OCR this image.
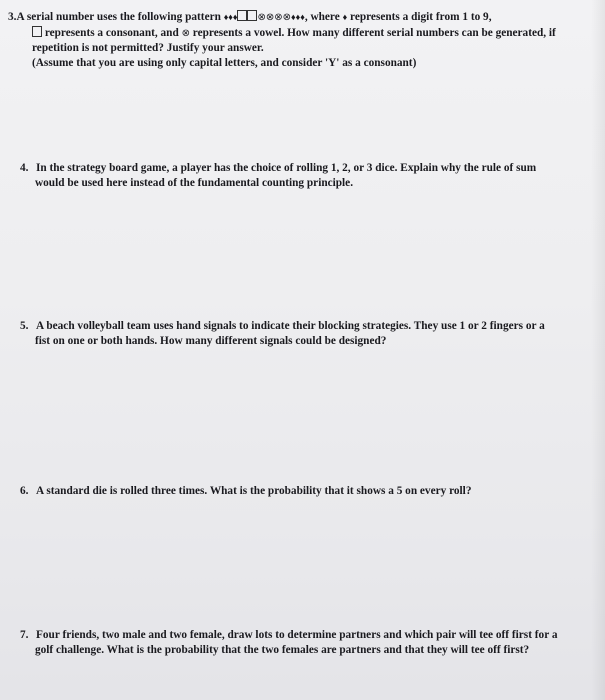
3.A serial number uses the following pattern ♦♦♦ ⊗⊗⊗⊗♦♦♦, where ♦ represents a digit from 1 to 9,
represents a consonant, and ⊗ represents a vowel. How many different serial numbers can be generated, if
repetition is not permitted? Justify your answer.
(Assume that you are using only capital letters, and consider 'Y' as a consonant)
4. In the strategy board game, a player has the choice of rolling 1, 2, or 3 dice. Explain why the rule of sum
would be used here instead of the fundamental counting principle.
5. A beach volleyball team uses hand signals to indicate their blocking strategies. They use 1 or 2 fingers or a
fist on one or both hands. How many different signals could be designed?
6. A standard die is rolled three times. What is the probability that it shows a 5 on every roll?
7. Four friends, two male and two female, draw lots to determine partners and which pair will tee off first for a
golf challenge. What is the probability that the two females are partners and that they will tee off first?
